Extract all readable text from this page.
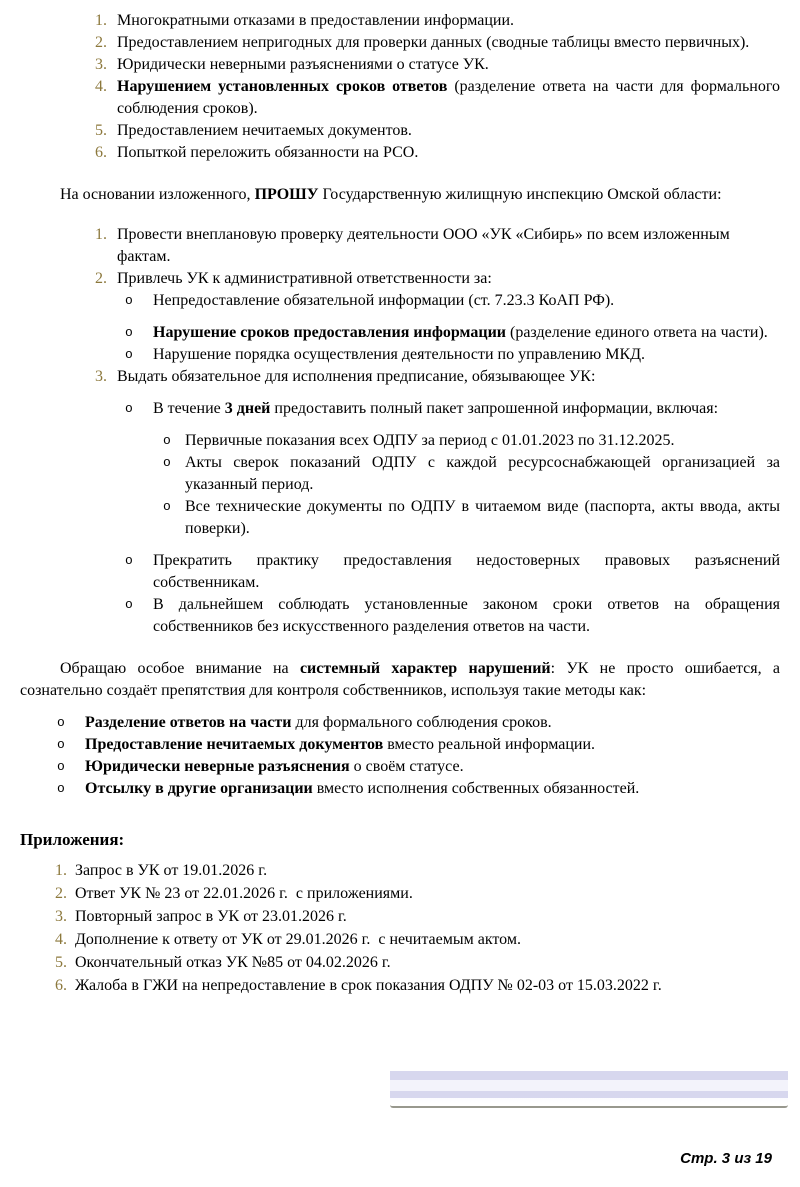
1. Многократными отказами в предоставлении информации.
2. Предоставлением непригодных для проверки данных (сводные таблицы вместо первичных).
3. Юридически неверными разъяснениями о статусе УК.
4. Нарушением установленных сроков ответов (разделение ответа на части для формального соблюдения сроков).
5. Предоставлением нечитаемых документов.
6. Попыткой переложить обязанности на РСО.

На основании изложенного, ПРОШУ Государственную жилищную инспекцию Омской области:

1. Провести внеплановую проверку деятельности ООО «УК «Сибирь» по всем изложенным фактам.
2. Привлечь УК к административной ответственности за:
o	Непредоставление обязательной информации (ст. 7.23.3 КоАП РФ).
o	Нарушение сроков предоставления информации (разделение единого ответа на части).
o	Нарушение порядка осуществления деятельности по управлению МКД.
3. Выдать обязательное для исполнения предписание, обязывающее УК:
o	В течение 3 дней предоставить полный пакет запрошенной информации, включая:
o Первичные показания всех ОДПУ за период с 01.01.2023 по 31.12.2025.
o Акты сверок показаний ОДПУ с каждой ресурсоснабжающей организацией за указанный период.
o Все технические документы по ОДПУ в читаемом виде (паспорта, акты ввода, акты поверки).
o	Прекратить практику предоставления недостоверных правовых разъяснений собственникам.
o	В дальнейшем соблюдать установленные законом сроки ответов на обращения собственников без искусственного разделения ответов на части.

Обращаю особое внимание на системный характер нарушений: УК не просто ошибается, а сознательно создаёт препятствия для контроля собственников, используя такие методы как:

o	Разделение ответов на части для формального соблюдения сроков.
o	Предоставление нечитаемых документов вместо реальной информации.
o	Юридически неверные разъяснения о своём статусе.
o	Отсылку в другие организации вместо исполнения собственных обязанностей.
Приложения:
1. Запрос в УК от 19.01.2026 г.
2. Ответ УК № 23 от 22.01.2026 г.  с приложениями.
3. Повторный запрос в УК от 23.01.2026 г.
4. Дополнение к ответу от УК от 29.01.2026 г.  с нечитаемым актом.
5. Окончательный отказ УК №85 от 04.02.2026 г.
6. Жалоба в ГЖИ на непредоставление в срок показания ОДПУ № 02-03 от 15.03.2022 г.
Стр. 3 из 19
